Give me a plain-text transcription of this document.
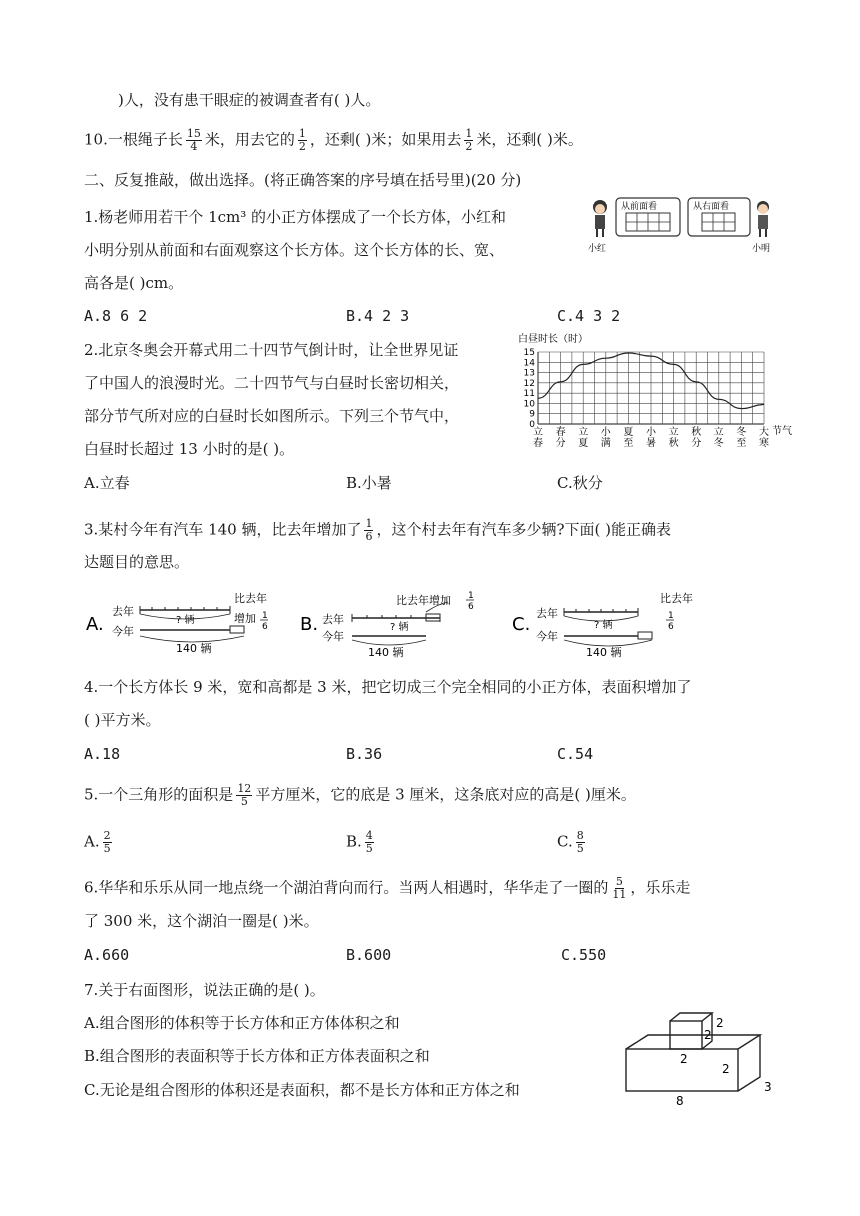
)人，没有患干眼症的被调查者有( )人。
10.一根绳子长 $\frac{15}{4}$ 米，用去它的 $\frac{1}{2}$ ，还剩( )米；如果用去 $\frac{1}{2}$ 米，还剩( )米。
二、反复推敲，做出选择。(将正确答案的序号填在括号里)(20 分)
1.杨老师用若干个 1cm³ 的小正方体摆成了一个长方体，小红和
小明分别从前面和右面观察这个长方体。这个长方体的长、宽、
高各是( )cm。
小红
从前面看	从右面看
小明
A.8 6 2	B.4 2 3	C.4 3 2
2.北京冬奥会开幕式用二十四节气倒计时，让全世界见证
了中国人的浪漫时光。二十四节气与白昼时长密切相关，
部分节气所对应的白昼时长如图所示。下列三个节气中，
白昼时长超过 13 小时的是( )。
白昼时长（时）
节气
0
9
10
11
12
13
14
15
立春
春分
立夏
小满
夏至
小暑
立秋
秋分
立冬
冬至
大寒
A.立春	B.小暑	C.秋分
3.某村今年有汽车 140 辆，比去年增加了 $\frac{1}{6}$ ，这个村去年有汽车多少辆?下面( )能正确表
达题目的意思。
A.
去年
今年
? 辆
140 辆
比去年
增加 1
6 B. 去年
今年
? 辆
140 辆
比去年增加 1
6
C.
去年
今年
? 辆
140 辆
比去年
1
6
4.一个长方体长 9 米，宽和高都是 3 米，把它切成三个完全相同的小正方体，表面积增加了
( )平方米。
A.18	B.36	C.54
5.一个三角形的面积是 $\frac{12}{5}$ 平方厘米，它的底是 3 厘米，这条底对应的高是( )厘米。
A. $\frac{2}{5}$	B. $\frac{4}{5}$	C. $\frac{8}{5}$
6.华华和乐乐从同一地点绕一个湖泊背向而行。当两人相遇时，华华走了一圈的 $\frac{5}{11}$ ，乐乐走
了 300 米，这个湖泊一圈是( )米。
A.660	B.600	C.550
7.关于右面图形，说法正确的是( )。
A.组合图形的体积等于长方体和正方体体积之和
B.组合图形的表面积等于长方体和正方体表面积之和
C.无论是组合图形的体积还是表面积，都不是长方体和正方体之和
2
2
2
2
8
3
